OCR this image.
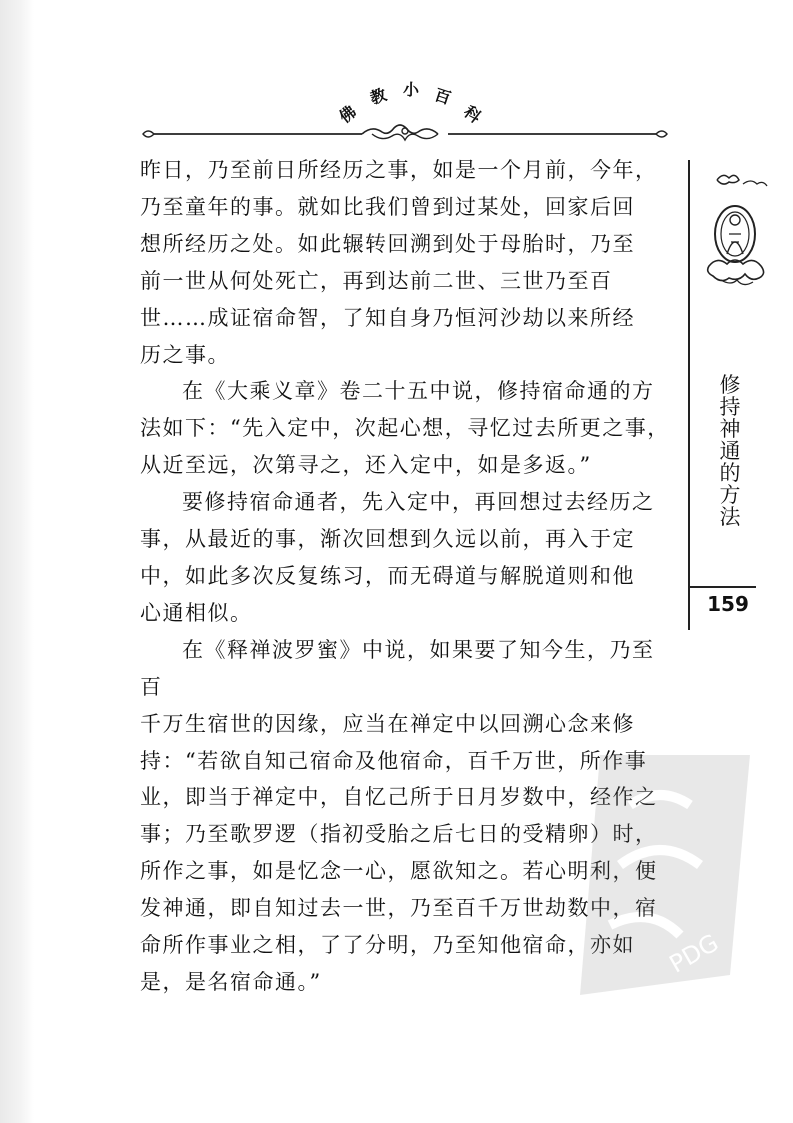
佛
教 小 百
科

昨日，乃至前日所经历之事，如是一个月前，今年，
乃至童年的事。就如比我们曾到过某处，回家后回
想所经历之处。如此辗转回溯到处于母胎时，乃至
前一世从何处死亡，再到达前二世、三世乃至百
世……成证宿命智，了知自身乃恒河沙劫以来所经
历之事。

在《大乘义章》卷二十五中说，修持宿命通的方
法如下：“先入定中，次起心想，寻忆过去所更之事，
从近至远，次第寻之，还入定中，如是多返。”

要修持宿命通者，先入定中，再回想过去经历之
事，从最近的事，渐次回想到久远以前，再入于定
中，如此多次反复练习，而无碍道与解脱道则和他
心通相似。

在《释禅波罗蜜》中说，如果要了知今生，乃至百
千万生宿世的因缘，应当在禅定中以回溯心念来修
持：“若欲自知己宿命及他宿命，百千万世，所作事
业，即当于禅定中，自忆己所于日月岁数中，经作之
事；乃至歌罗逻（指初受胎之后七日的受精卵）时，
所作之事，如是忆念一心，愿欲知之。若心明利，便
发神通，即自知过去一世，乃至百千万世劫数中，宿
命所作事业之相，了了分明，乃至知他宿命，亦如
是，是名宿命通。”

修
持
神
通
的
方
法
159
PDG
